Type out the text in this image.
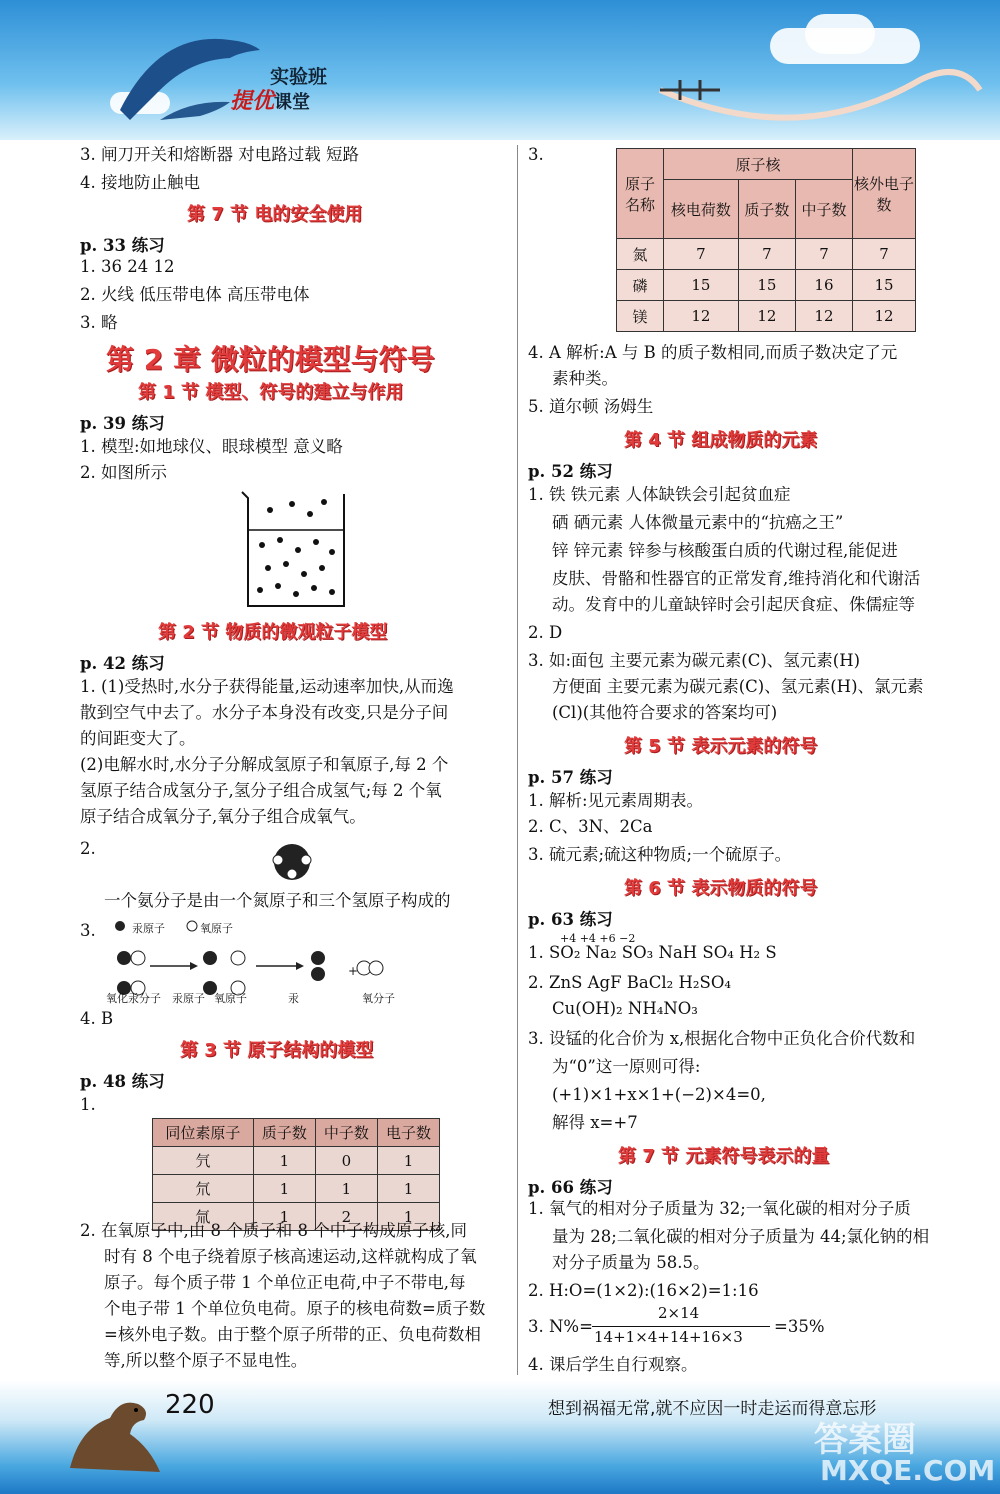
实验班
提优课堂
3. 闸刀开关和熔断器 对电路过载 短路
4. 接地防止触电
第 7 节 电的安全使用
p. 33 练习
1. 36 24 12
2. 火线 低压带电体 高压带电体
3. 略
第 2 章 微粒的模型与符号
第 1 节 模型、符号的建立与作用
p. 39 练习
1. 模型:如地球仪、眼球模型 意义略
2. 如图所示
第 2 节 物质的微观粒子模型
p. 42 练习
1. (1)受热时,水分子获得能量,运动速率加快,从而逸
散到空气中去了。水分子本身没有改变,只是分子间
的间距变大了。
(2)电解水时,水分子分解成氢原子和氧原子,每 2 个
氢原子结合成氢分子,氢分子组合成氢气;每 2 个氧
原子结合成氧分子,氧分子组合成氧气。
2.
一个氨分子是由一个氮原子和三个氢原子构成的
3.	汞原子	氧原子
+
氧化汞分子 汞原子 氧原子	汞	氧分子
4. B
第 3 节 原子结构的模型
p. 48 练习
1.
同位素原子	质子数	中子数	电子数
氕	1	0	1
氘	1	1	1
氚	1	2	1
2. 在氧原子中,由 8 个质子和 8 个中子构成原子核,同
时有 8 个电子绕着原子核高速运动,这样就构成了氧
原子。每个质子带 1 个单位正电荷,中子不带电,每
个电子带 1 个单位负电荷。原子的核电荷数=质子数
=核外电子数。由于整个原子所带的正、负电荷数相
等,所以整个原子不显电性。
3.
原子名称	原子核			核外电子数
	核电荷数	质子数	中子数	
氮	7	7	7	7
磷	15	15	16	15
镁	12	12	12	12
4. A 解析:A 与 B 的质子数相同,而质子数决定了元
素种类。
5. 道尔顿 汤姆生
第 4 节 组成物质的元素
p. 52 练习
1. 铁 铁元素 人体缺铁会引起贫血症
硒 硒元素 人体微量元素中的“抗癌之王”
锌 锌元素 锌参与核酸蛋白质的代谢过程,能促进
皮肤、骨骼和性器官的正常发育,维持消化和代谢活
动。发育中的儿童缺锌时会引起厌食症、侏儒症等
2. D
3. 如:面包 主要元素为碳元素(C)、氢元素(H)
方便面 主要元素为碳元素(C)、氢元素(H)、氯元素
(Cl)(其他符合要求的答案均可)
第 5 节 表示元素的符号
p. 57 练习
1. 解析:见元素周期表。
2. C、3N、2Ca
3. 硫元素;硫这种物质;一个硫原子。
第 6 节 表示物质的符号
p. 63 练习
+4 +4 +6 −2
1. SO₂ Na₂ SO₃ NaH SO₄ H₂ S
2. ZnS AgF BaCl₂ H₂SO₄
Cu(OH)₂ NH₄NO₃
3. 设锰的化合价为 x,根据化合物中正负化合价代数和
为“0”这一原则可得:
(+1)×1+x×1+(−2)×4=0,
解得 x=+7
第 7 节 元素符号表示的量
p. 66 练习
1. 氧气的相对分子质量为 32;一氧化碳的相对分子质
量为 28;二氧化碳的相对分子质量为 44;氯化钠的相
对分子质量为 58.5。
2. H:O=(1×2):(16×2)=1:16
3. N%=
2×14
14+1×4+14+16×3
=35%
4. 课后学生自行观察。
220	想到祸福无常,就不应因一时走运而得意忘形
答案圈
MXQE.COM
